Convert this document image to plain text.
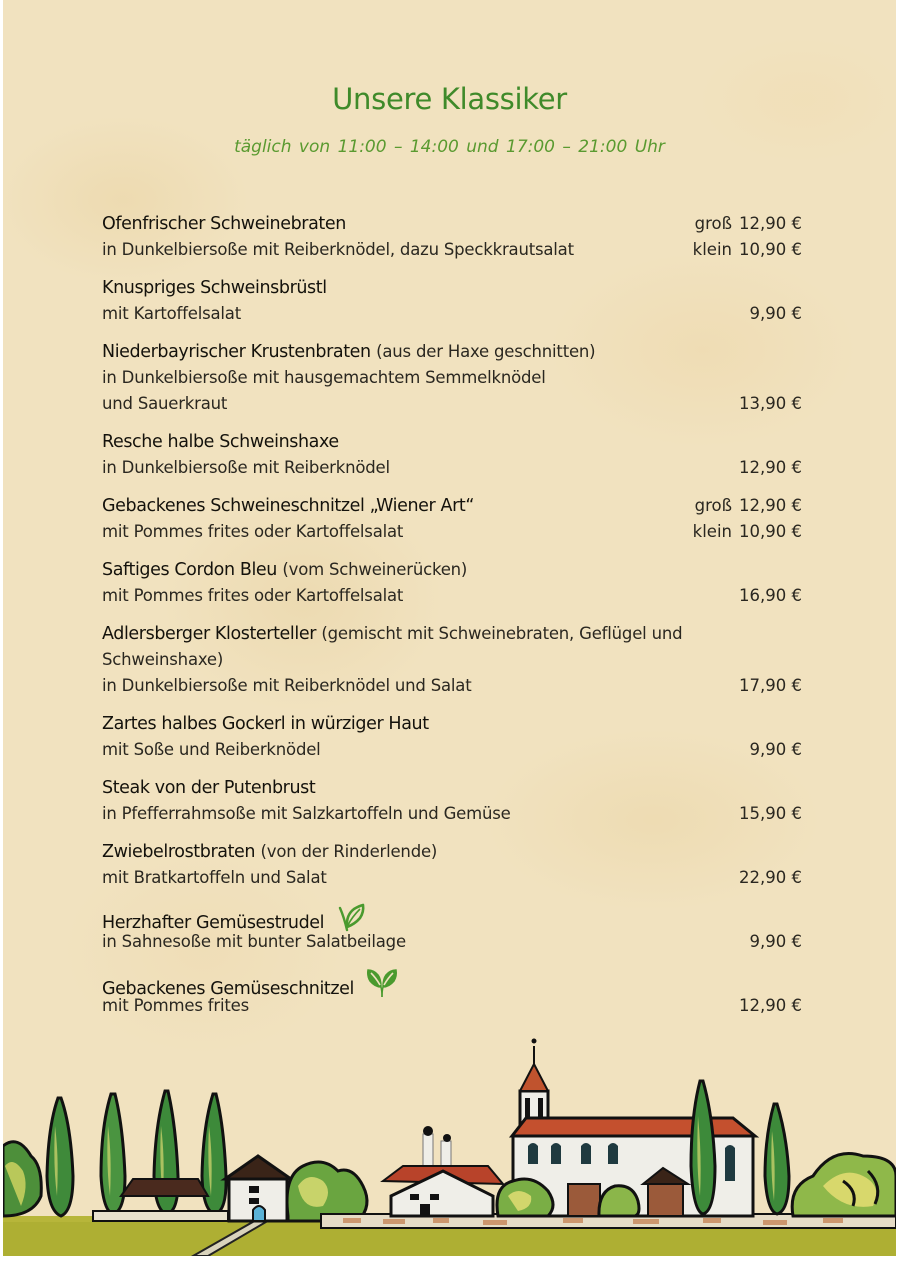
Unsere Klassiker
täglich von 11:00 – 14:00 und 17:00 – 21:00 Uhr
Ofenfrischer Schweinebraten	groß 12,90 €
in Dunkelbiersoße mit Reiberknödel, dazu Speckkrautsalat	klein 10,90 €
Knuspriges Schweinsbrüstl
mit Kartoffelsalat	9,90 €
Niederbayrischer Krustenbraten (aus der Haxe geschnitten)
in Dunkelbiersoße mit hausgemachtem Semmelknödel
und Sauerkraut	13,90 €
Resche halbe Schweinshaxe
in Dunkelbiersoße mit Reiberknödel	12,90 €
Gebackenes Schweineschnitzel „Wiener Art“	groß 12,90 €
mit Pommes frites oder Kartoffelsalat	klein 10,90 €
Saftiges Cordon Bleu (vom Schweinerücken)
mit Pommes frites oder Kartoffelsalat	16,90 €
Adlersberger Klosterteller (gemischt mit Schweinebraten, Geflügel und
Schweinshaxe)
in Dunkelbiersoße mit Reiberknödel und Salat	17,90 €
Zartes halbes Gockerl in würziger Haut
mit Soße und Reiberknödel	9,90 €
Steak von der Putenbrust
in Pfefferrahmsoße mit Salzkartoffeln und Gemüse	15,90 €
Zwiebelrostbraten (von der Rinderlende)
mit Bratkartoffeln und Salat	22,90 €
Herzhafter Gemüsestrudel
in Sahnesoße mit bunter Salatbeilage	9,90 €
Gebackenes Gemüseschnitzel
mit Pommes frites	12,90 €
